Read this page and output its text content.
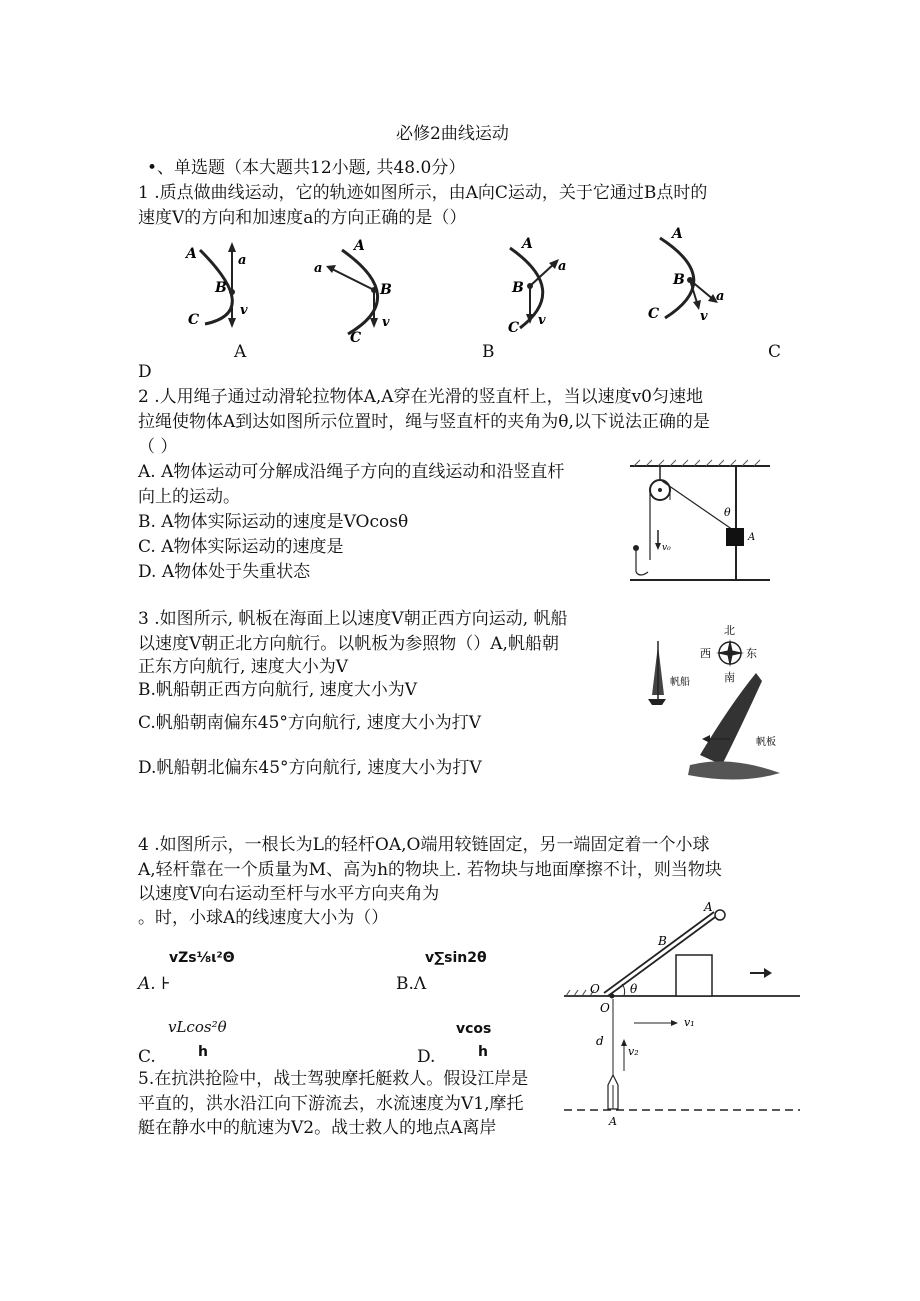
必修2曲线运动
•、单选题（本大题共12小题, 共48.0分）
1 .质点做曲线运动，它的轨迹如图所示，由A向C运动，关于它通过B点时的
速度V的方向和加速度a的方向正确的是（）
A
B
C
a
v
A
B
C
a
v
A
B
C
a
v
A
B
C
a
v
A	B	C
D
2 .人用绳子通过动滑轮拉物体A,A穿在光滑的竖直杆上，当以速度v0匀速地
拉绳使物体A到达如图所示位置时，绳与竖直杆的夹角为θ,以下说法正确的是
（ ）
A. A物体运动可分解成沿绳子方向的直线运动和沿竖直杆
向上的运动。
B. A物体实际运动的速度是VOcosθ
C. A物体实际运动的速度是
D. A物体处于失重状态
v₀
A
θ
3 .如图所示, 帆板在海面上以速度V朝正西方向运动, 帆船
以速度V朝正北方向航行。以帆板为参照物（）A,帆船朝
正东方向航行, 速度大小为V
B.帆船朝正西方向航行, 速度大小为V
C.帆船朝南偏东45°方向航行, 速度大小为打V
D.帆船朝北偏东45°方向航行, 速度大小为打V
北
南
西	东
帆船
帆板
4 .如图所示，一根长为L的轻杆OA,O端用较链固定，另一端固定着一个小球
A,轻杆靠在一个质量为M、高为h的物块上. 若物块与地面摩擦不计，则当物块
以速度V向右运动至杆与水平方向夹角为
。时，小球A的线速度大小为（）
vZs⅛ι²Θ
A. ⊦
v∑sin2θ
B.Λ
vLcos²θ
C.	h
vcos
D.	h
A
B
O	θ
O
d
v₁
v₂
A
5.在抗洪抢险中，战士驾驶摩托艇救人。假设江岸是
平直的，洪水沿江向下游流去，水流速度为V1,摩托
艇在静水中的航速为V2。战士救人的地点A离岸
